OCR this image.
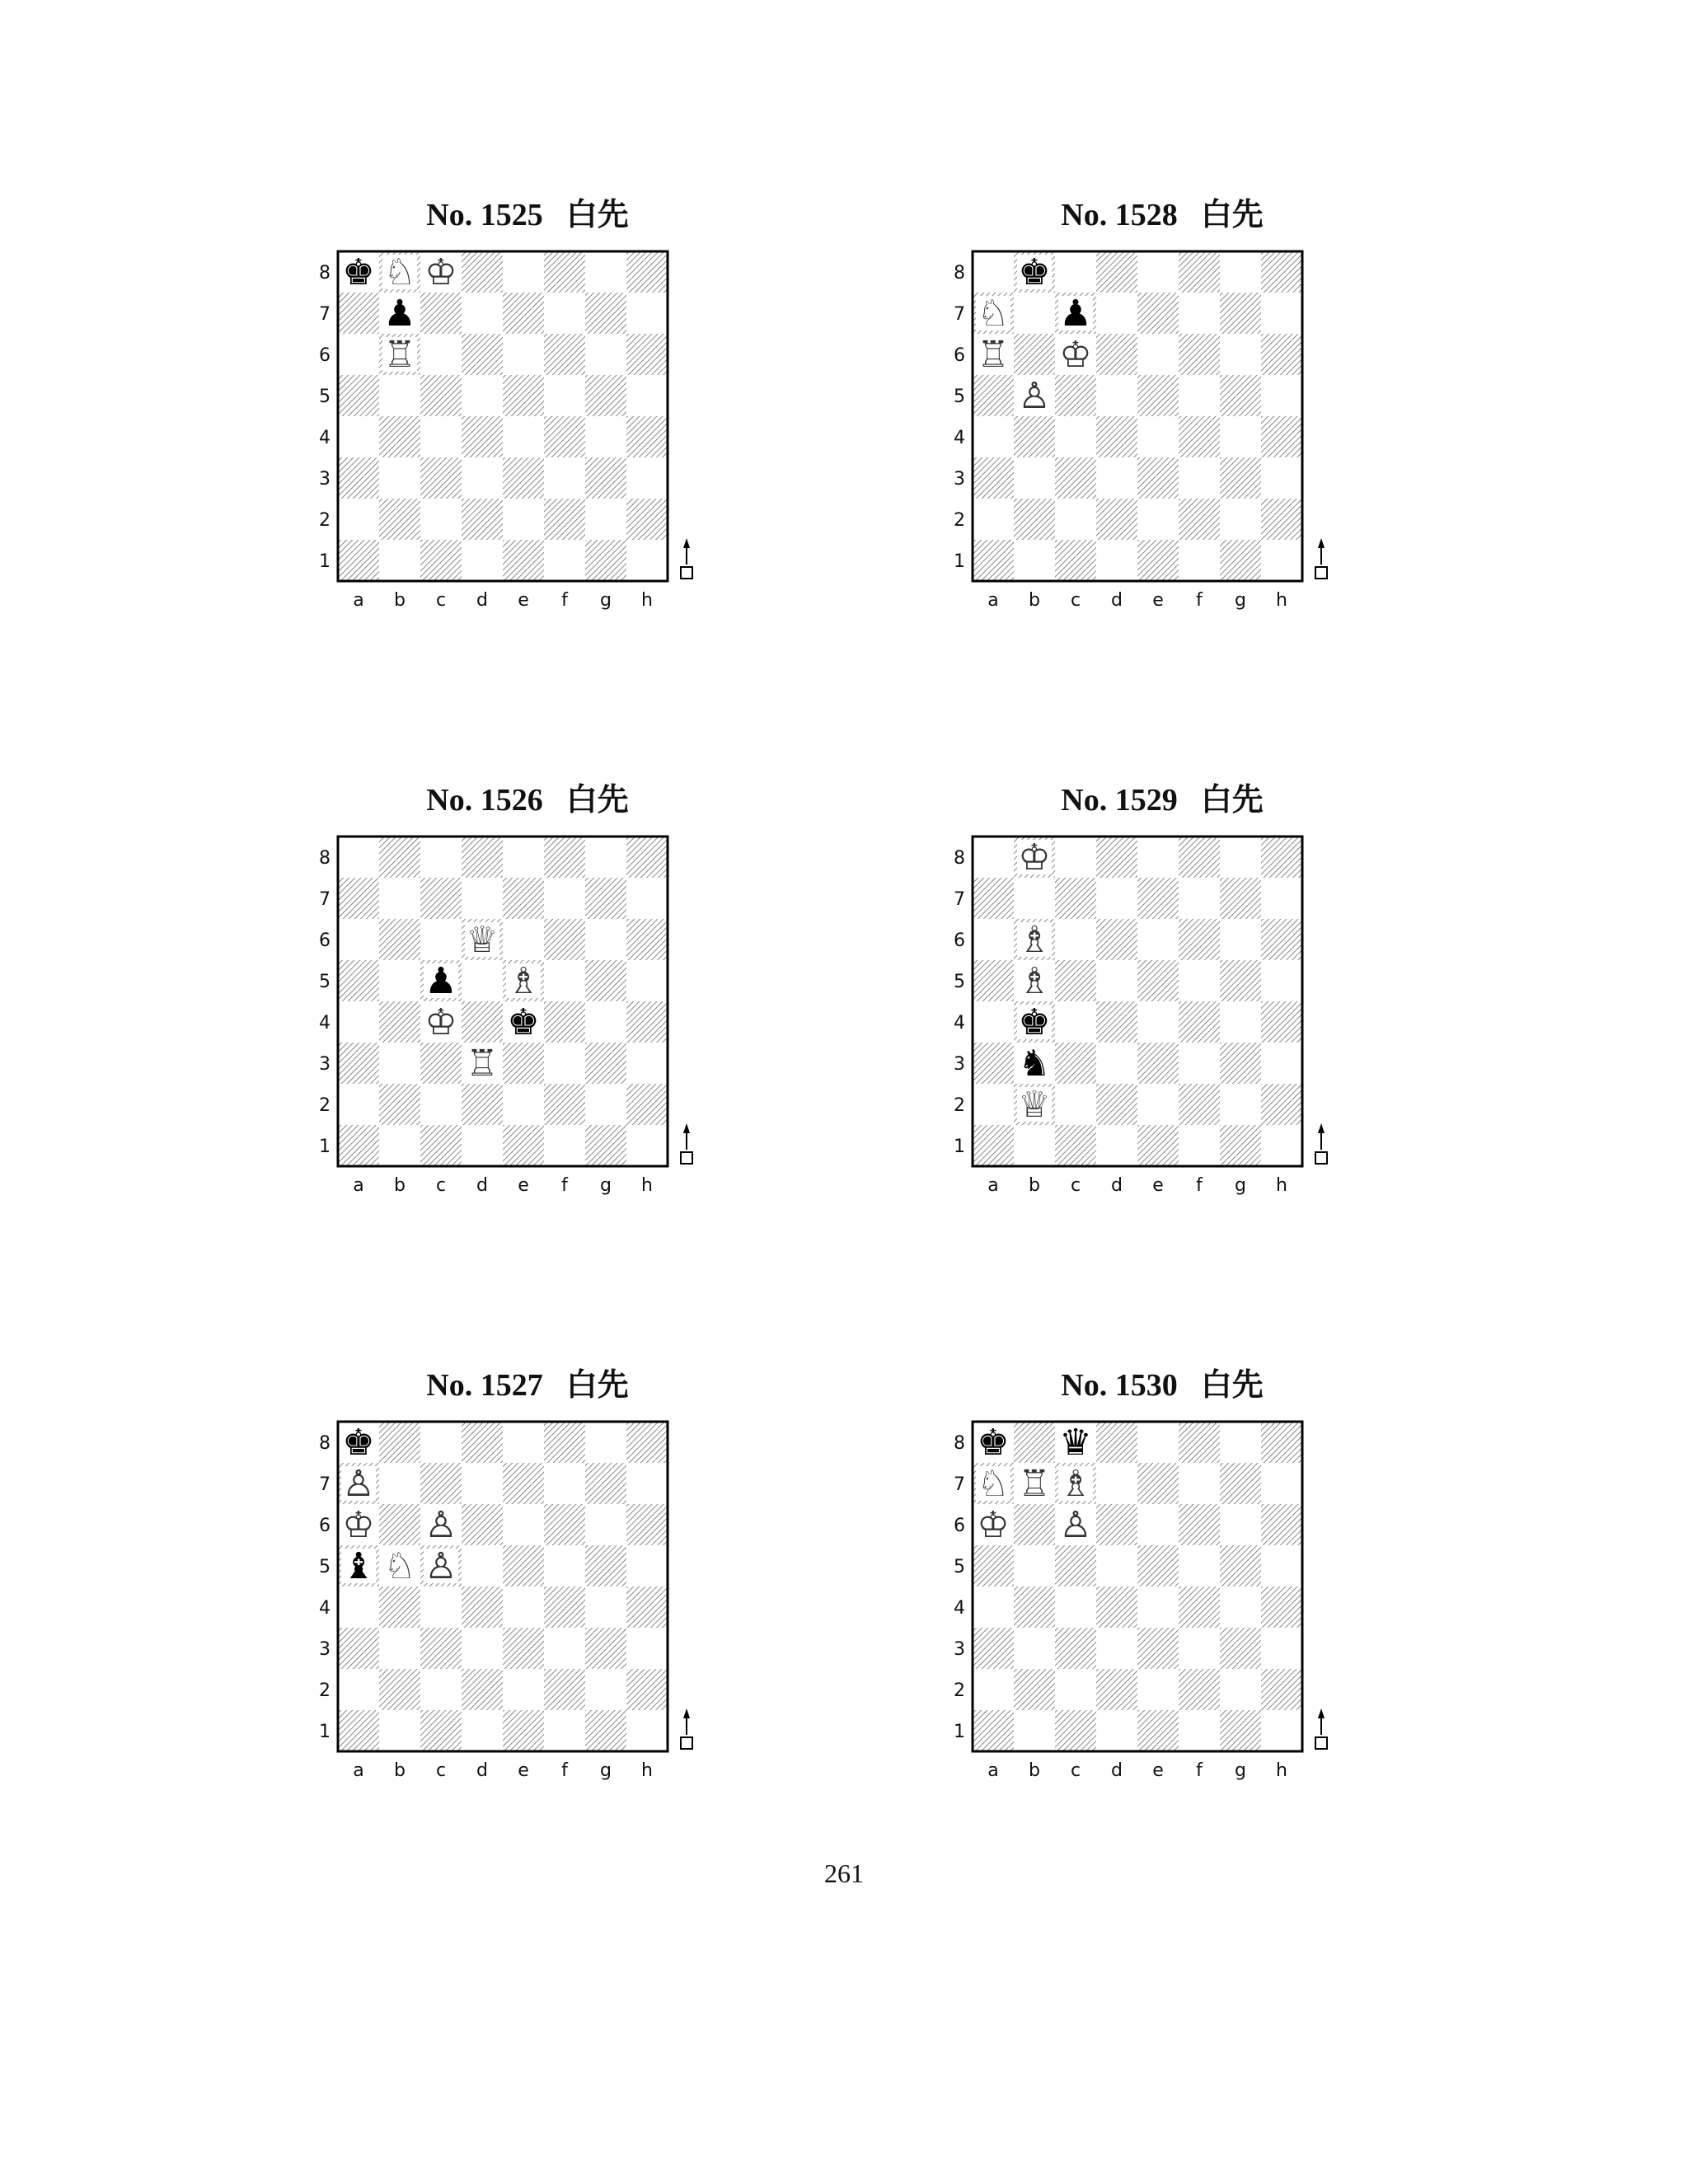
No. 1525 白先
8
7
6
5
4
3
2
1
a b c d e f g h
♚ ♘ ♔
♟
♖
No. 1528 白先
8
7
6
5
4
3
2
1
a b c d e f g h
♚
♘ ♟
♖ ♔
♙
No. 1526 白先
8
7
6
5
4
3
2
1
a b c d e f g h
♕
♟ ♗
♔ ♚
♖
No. 1529 白先
8
7
6
5
4
3
2
1
a b c d e f g h
♔
♗
♗
♚
♞
♕
No. 1527 白先
8
7
6
5
4
3
2
1
a b c d e f g h
♚
♙
♔ ♙
♝ ♘ ♙
No. 1530 白先
8
7
6
5
4
3
2
1
a b c d e f g h
♚ ♛
♘ ♖ ♗
♔ ♙
261
